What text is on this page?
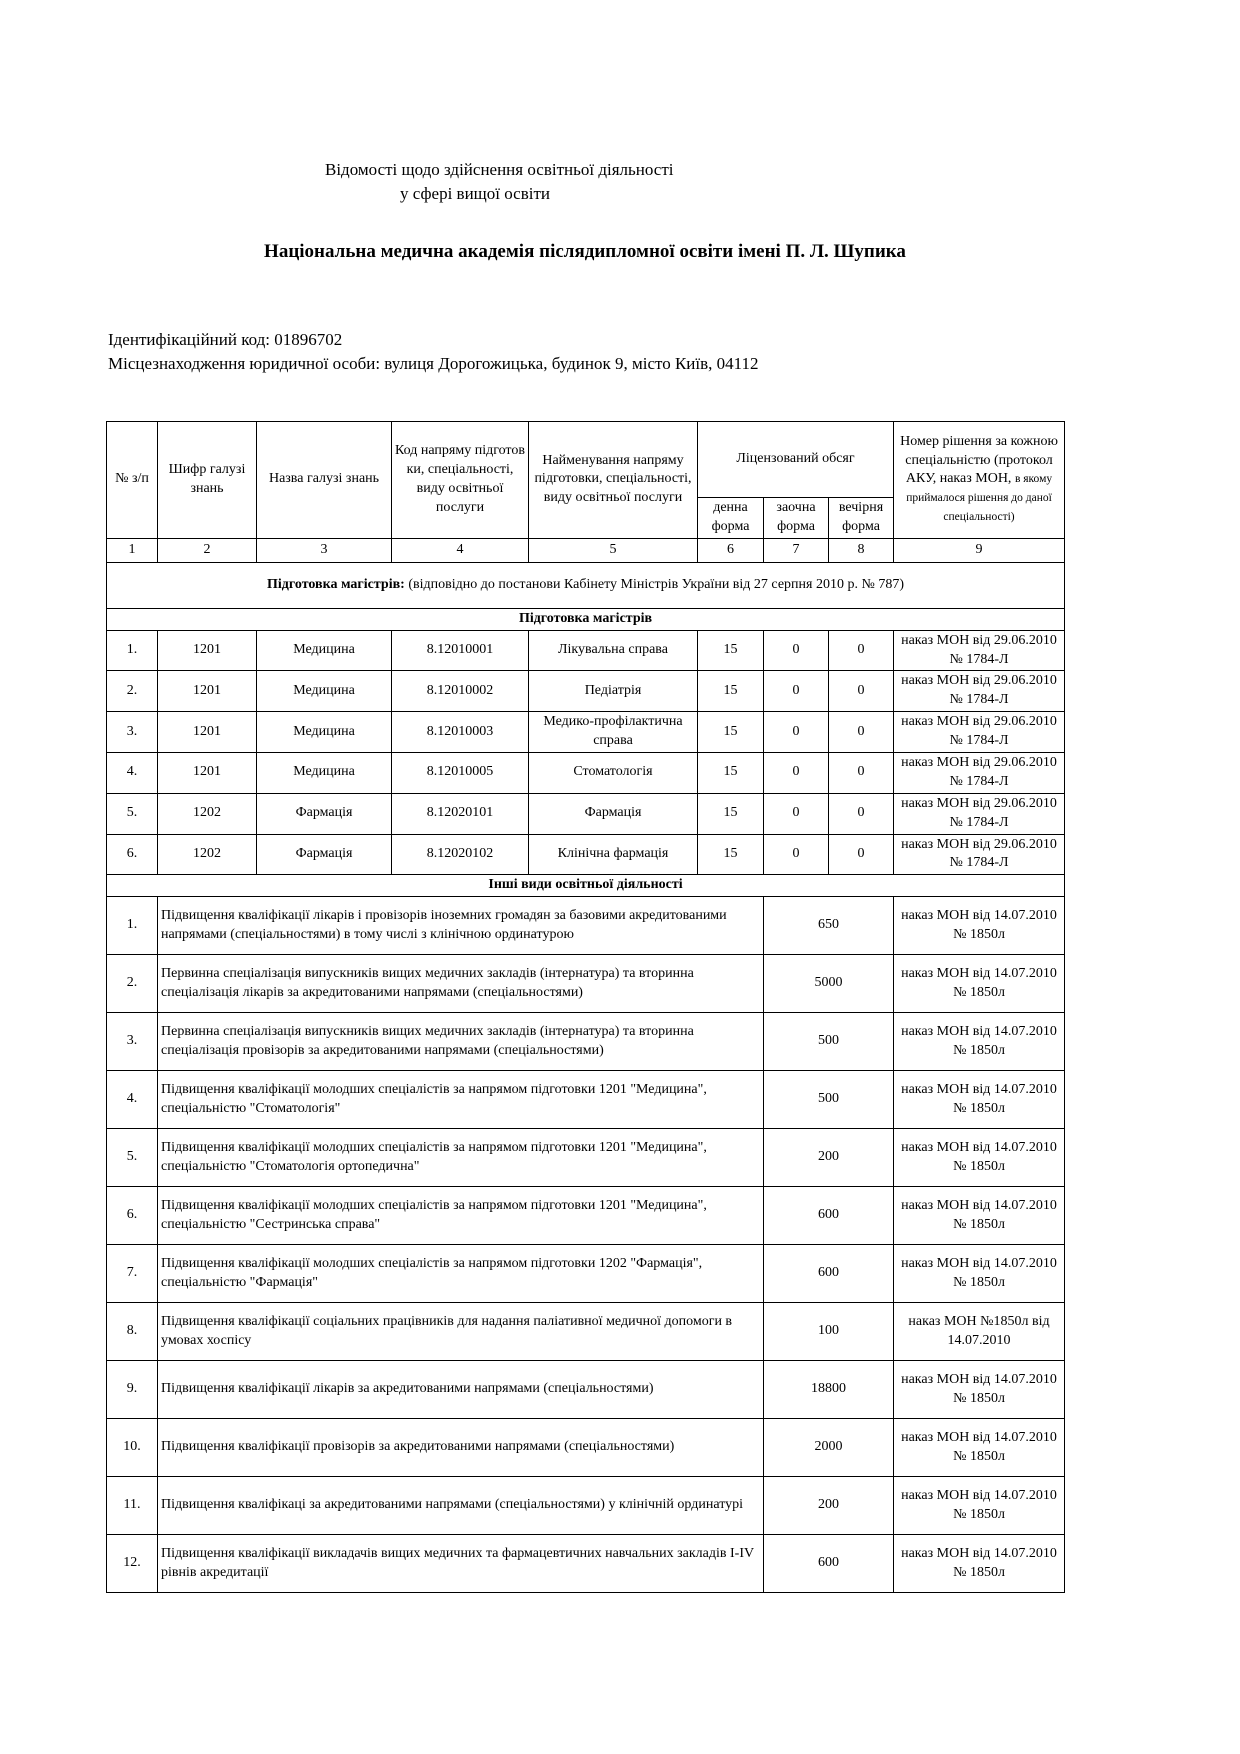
Відомості щодо здійснення освітньої діяльності
у сфері вищої освіти
Національна медична академія післядипломної освіти імені П. Л. Шупика
Ідентифікаційний код: 01896702
Місцезнаходження юридичної особи: вулиця Дорогожицька, будинок 9, місто Київ, 04112
№ з/п	Шифр галузі знань	Назва галузі знань	Код напряму підготов ки, спеціальності, виду освітньої послуги	Найменування напряму підготовки, спеціальності, виду освітньої послуги	Ліцензований обсяг			Номер рішення за кожною спеціальністю (протокол АКУ, наказ МОН, в якому приймалося рішення до даної спеціальності)
					денна форма	заочна форма	вечірня форма	
1	2	3	4	5	6	7	8	9
Підготовка магістрів: (відповідно до постанови Кабінету Міністрів України від 27 серпня 2010 р. № 787)								
Підготовка магістрів								
1.	1201	Медицина	8.12010001	Лікувальна справа	15	0	0	наказ МОН від 29.06.2010 № 1784-Л
2.	1201	Медицина	8.12010002	Педіатрія	15	0	0	наказ МОН від 29.06.2010 № 1784-Л
3.	1201	Медицина	8.12010003	Медико-профілактична справа	15	0	0	наказ МОН від 29.06.2010 № 1784-Л
4.	1201	Медицина	8.12010005	Стоматологія	15	0	0	наказ МОН від 29.06.2010 № 1784-Л
5.	1202	Фармація	8.12020101	Фармація	15	0	0	наказ МОН від 29.06.2010 № 1784-Л
6.	1202	Фармація	8.12020102	Клінічна фармація	15	0	0	наказ МОН від 29.06.2010 № 1784-Л
Інші види освітньої діяльності								
1.	Підвищення кваліфікації лікарів і провізорів іноземних громадян за базовими акредитованими напрямами (спеціальностями) в тому числі з клінічною ординатурою					650		наказ МОН від 14.07.2010 № 1850л
2.	Первинна спеціалізація випускників вищих медичних закладів (інтернатура) та вторинна спеціалізація лікарів за акредитованими напрямами (спеціальностями)					5000		наказ МОН від 14.07.2010 № 1850л
3.	Первинна спеціалізація випускників вищих медичних закладів (інтернатура) та вторинна спеціалізація провізорів за акредитованими напрямами (спеціальностями)					500		наказ МОН від 14.07.2010 № 1850л
4.	Підвищення кваліфікації молодших спеціалістів за напрямом підготовки 1201 "Медицина", спеціальністю "Стоматологія"					500		наказ МОН від 14.07.2010 № 1850л
5.	Підвищення кваліфікації молодших спеціалістів за напрямом підготовки 1201 "Медицина", спеціальністю "Стоматологія ортопедична"					200		наказ МОН від 14.07.2010 № 1850л
6.	Підвищення кваліфікації молодших спеціалістів за напрямом підготовки 1201 "Медицина", спеціальністю "Сестринська справа"					600		наказ МОН від 14.07.2010 № 1850л
7.	Підвищення кваліфікації молодших спеціалістів за напрямом підготовки 1202 "Фармація", спеціальністю "Фармація"					600		наказ МОН від 14.07.2010 № 1850л
8.	Підвищення кваліфікації соціальних працівників для надання паліативної медичної допомоги в умовах хоспісу					100		наказ МОН №1850л від 14.07.2010
9.	Підвищення кваліфікації лікарів за акредитованими напрямами (спеціальностями)					18800		наказ МОН від 14.07.2010 № 1850л
10.	Підвищення кваліфікації провізорів за акредитованими напрямами (спеціальностями)					2000		наказ МОН від 14.07.2010 № 1850л
11.	Підвищення кваліфікаці за акредитованими напрямами (спеціальностями) у клінічній ординатурі					200		наказ МОН від 14.07.2010 № 1850л
12.	Підвищення кваліфікації викладачів вищих медичних та фармацевтичних навчальних закладів I-IV рівнів акредитації					600		наказ МОН від 14.07.2010 № 1850л
